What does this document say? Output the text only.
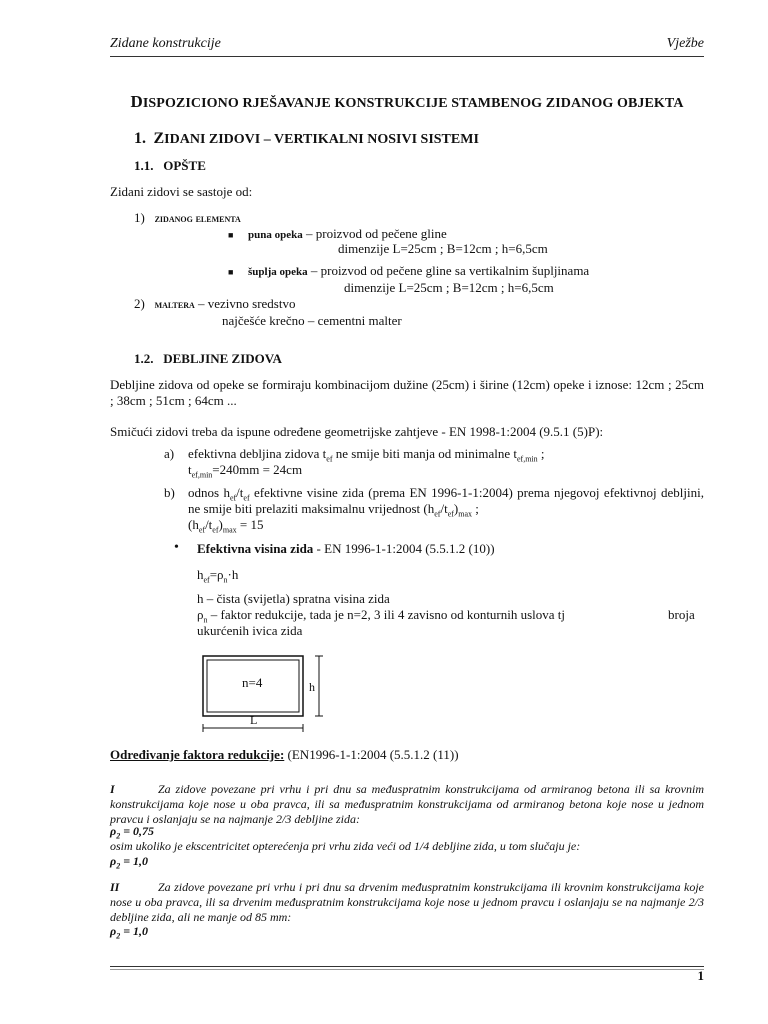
Zidane konstrukcije	Vježbe
DISPOZICIONO RJEŠAVANJE KONSTRUKCIJE STAMBENOG ZIDANOG OBJEKTA
1. ZIDANI ZIDOVI – VERTIKALNI NOSIVI SISTEMI
1.1. OPŠTE
Zidani zidovi se sastoje od:
1) zidanog elementa
■ puna opeka – proizvod od pečene gline
dimenzije L=25cm ; B=12cm ; h=6,5cm
■ šuplja opeka – proizvod od pečene gline sa vertikalnim šupljinama
dimenzije L=25cm ; B=12cm ; h=6,5cm
2) maltera – vezivno sredstvo
najčešće krečno – cementni malter
1.2. DEBLJINE ZIDOVA
Debljine zidova od opeke se formiraju kombinacijom dužine (25cm) i širine (12cm) opeke i iznose: 12cm ; 25cm ; 38cm ; 51cm ; 64cm ...
Smičući zidovi treba da ispune određene geometrijske zahtjeve - EN 1998-1:2004 (9.5.1 (5)P):
a) efektivna debljina zidova $t_{ef}$ ne smije biti manja od minimalne $t_{ef,min}$ ;
$t_{ef,min}=240mm = 24cm$
b) odnos $h_{ef}/t_{ef}$ efektivne visine zida (prema EN 1996-1-1:2004) prema njegovoj efektivnoj debljini, ne smije biti prelaziti maksimalnu vrijednost $(h_{ef}/t_{ef})_{max}$ ;
$(h_{ef}/t_{ef})_{max} = 15$
• Efektivna visina zida - EN 1996-1-1:2004 (5.5.1.2 (10))
$h_{ef}=\rho_n\cdot h$
h – čista (svijetla) spratna visina zida
$\rho_n$ – faktor redukcije, tada je n=2, 3 ili 4 zavisno od konturnih uslova tj	broja
ukurćenih ivica zida
n=4	h
L
Određivanje faktora redukcije: (EN1996-1-1:2004 (5.5.1.2 (11))
I	Za zidove povezane pri vrhu i pri dnu sa međuspratnim konstrukcijama od armiranog betona ili sa krovnim konstrukcijama koje nose u oba pravca, ili sa međuspratnim konstrukcijama od armiranog betona koje nose u jednom pravcu i oslanjaju se na najmanje 2/3 debljine zida:
$\rho_2 = 0,75$
osim ukoliko je ekscentricitet opterećenja pri vrhu zida veći od 1/4 debljine zida, u tom slučaju je:
$\rho_2 = 1,0$
II	Za zidove povezane pri vrhu i pri dnu sa drvenim međuspratnim konstrukcijama ili krovnim konstrukcijama koje nose u oba pravca, ili sa drvenim međuspratnim konstrukcijama koje nose u jednom pravcu i oslanjaju se na najmanje 2/3 debljine zida, ali ne manje od 85 mm:
$\rho_2 = 1,0$
1
